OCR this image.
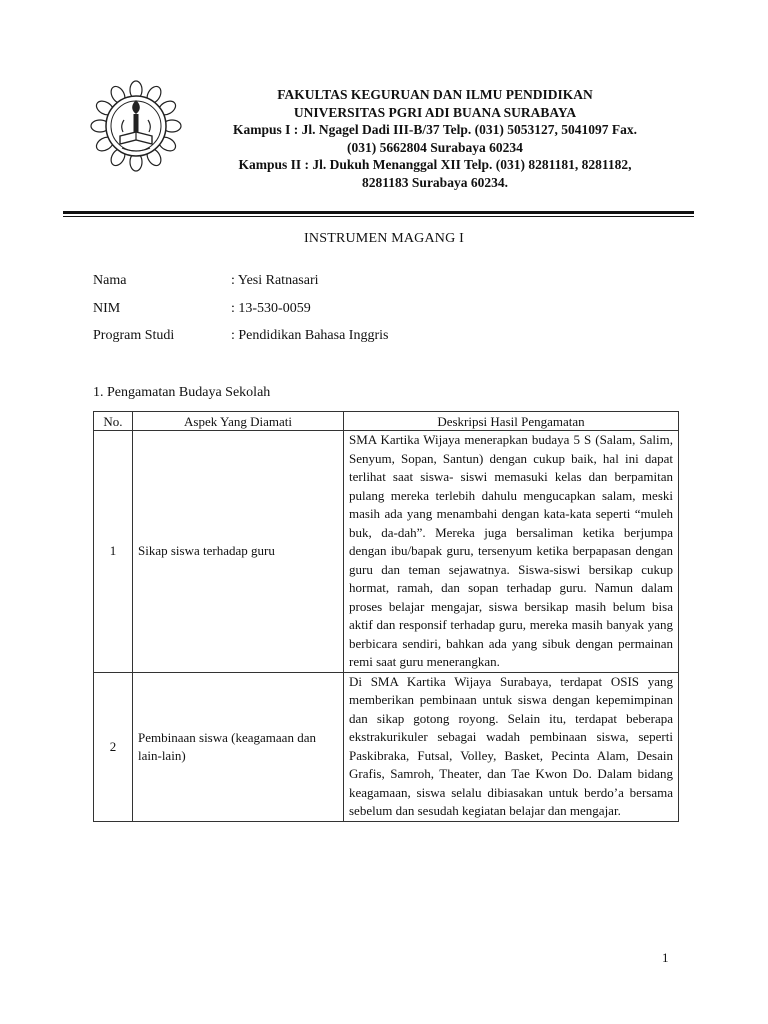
FAKULTAS KEGURUAN DAN ILMU PENDIDIKAN
UNIVERSITAS PGRI ADI BUANA SURABAYA
Kampus I : Jl. Ngagel Dadi III-B/37 Telp. (031) 5053127, 5041097 Fax.
(031) 5662804 Surabaya 60234
Kampus II : Jl. Dukuh Menanggal XII Telp. (031) 8281181, 8281182,
8281183 Surabaya 60234.
INSTRUMEN MAGANG I
Nama	: Yesi Ratnasari
NIM	: 13-530-0059
Program Studi	: Pendidikan Bahasa Inggris
1. Pengamatan Budaya Sekolah
No.	Aspek Yang Diamati	Deskripsi Hasil Pengamatan
1	Sikap siswa terhadap guru	SMA Kartika Wijaya menerapkan budaya 5 S (Salam, Salim, Senyum, Sopan, Santun) dengan cukup baik, hal ini dapat terlihat saat siswa- siswi memasuki kelas dan berpamitan pulang mereka terlebih dahulu mengucapkan salam, meski masih ada yang menambahi dengan kata-kata seperti “muleh buk, da-dah”. Mereka juga bersaliman ketika berjumpa dengan ibu/bapak guru, tersenyum ketika berpapasan dengan guru dan teman sejawatnya. Siswa-siswi bersikap cukup hormat, ramah, dan sopan terhadap guru. Namun dalam proses belajar mengajar, siswa bersikap masih belum bisa aktif dan responsif terhadap guru, mereka masih banyak yang berbicara sendiri, bahkan ada yang sibuk dengan permainan remi saat guru menerangkan.
2	Pembinaan siswa (keagamaan dan lain-lain)	Di SMA Kartika Wijaya Surabaya, terdapat OSIS yang memberikan pembinaan untuk siswa dengan kepemimpinan dan sikap gotong royong. Selain itu, terdapat beberapa ekstrakurikuler sebagai wadah pembinaan siswa, seperti Paskibraka, Futsal, Volley, Basket, Pecinta Alam, Desain Grafis, Samroh, Theater, dan Tae Kwon Do. Dalam bidang keagamaan, siswa selalu dibiasakan untuk berdo’a bersama sebelum dan sesudah kegiatan belajar dan mengajar.
1
